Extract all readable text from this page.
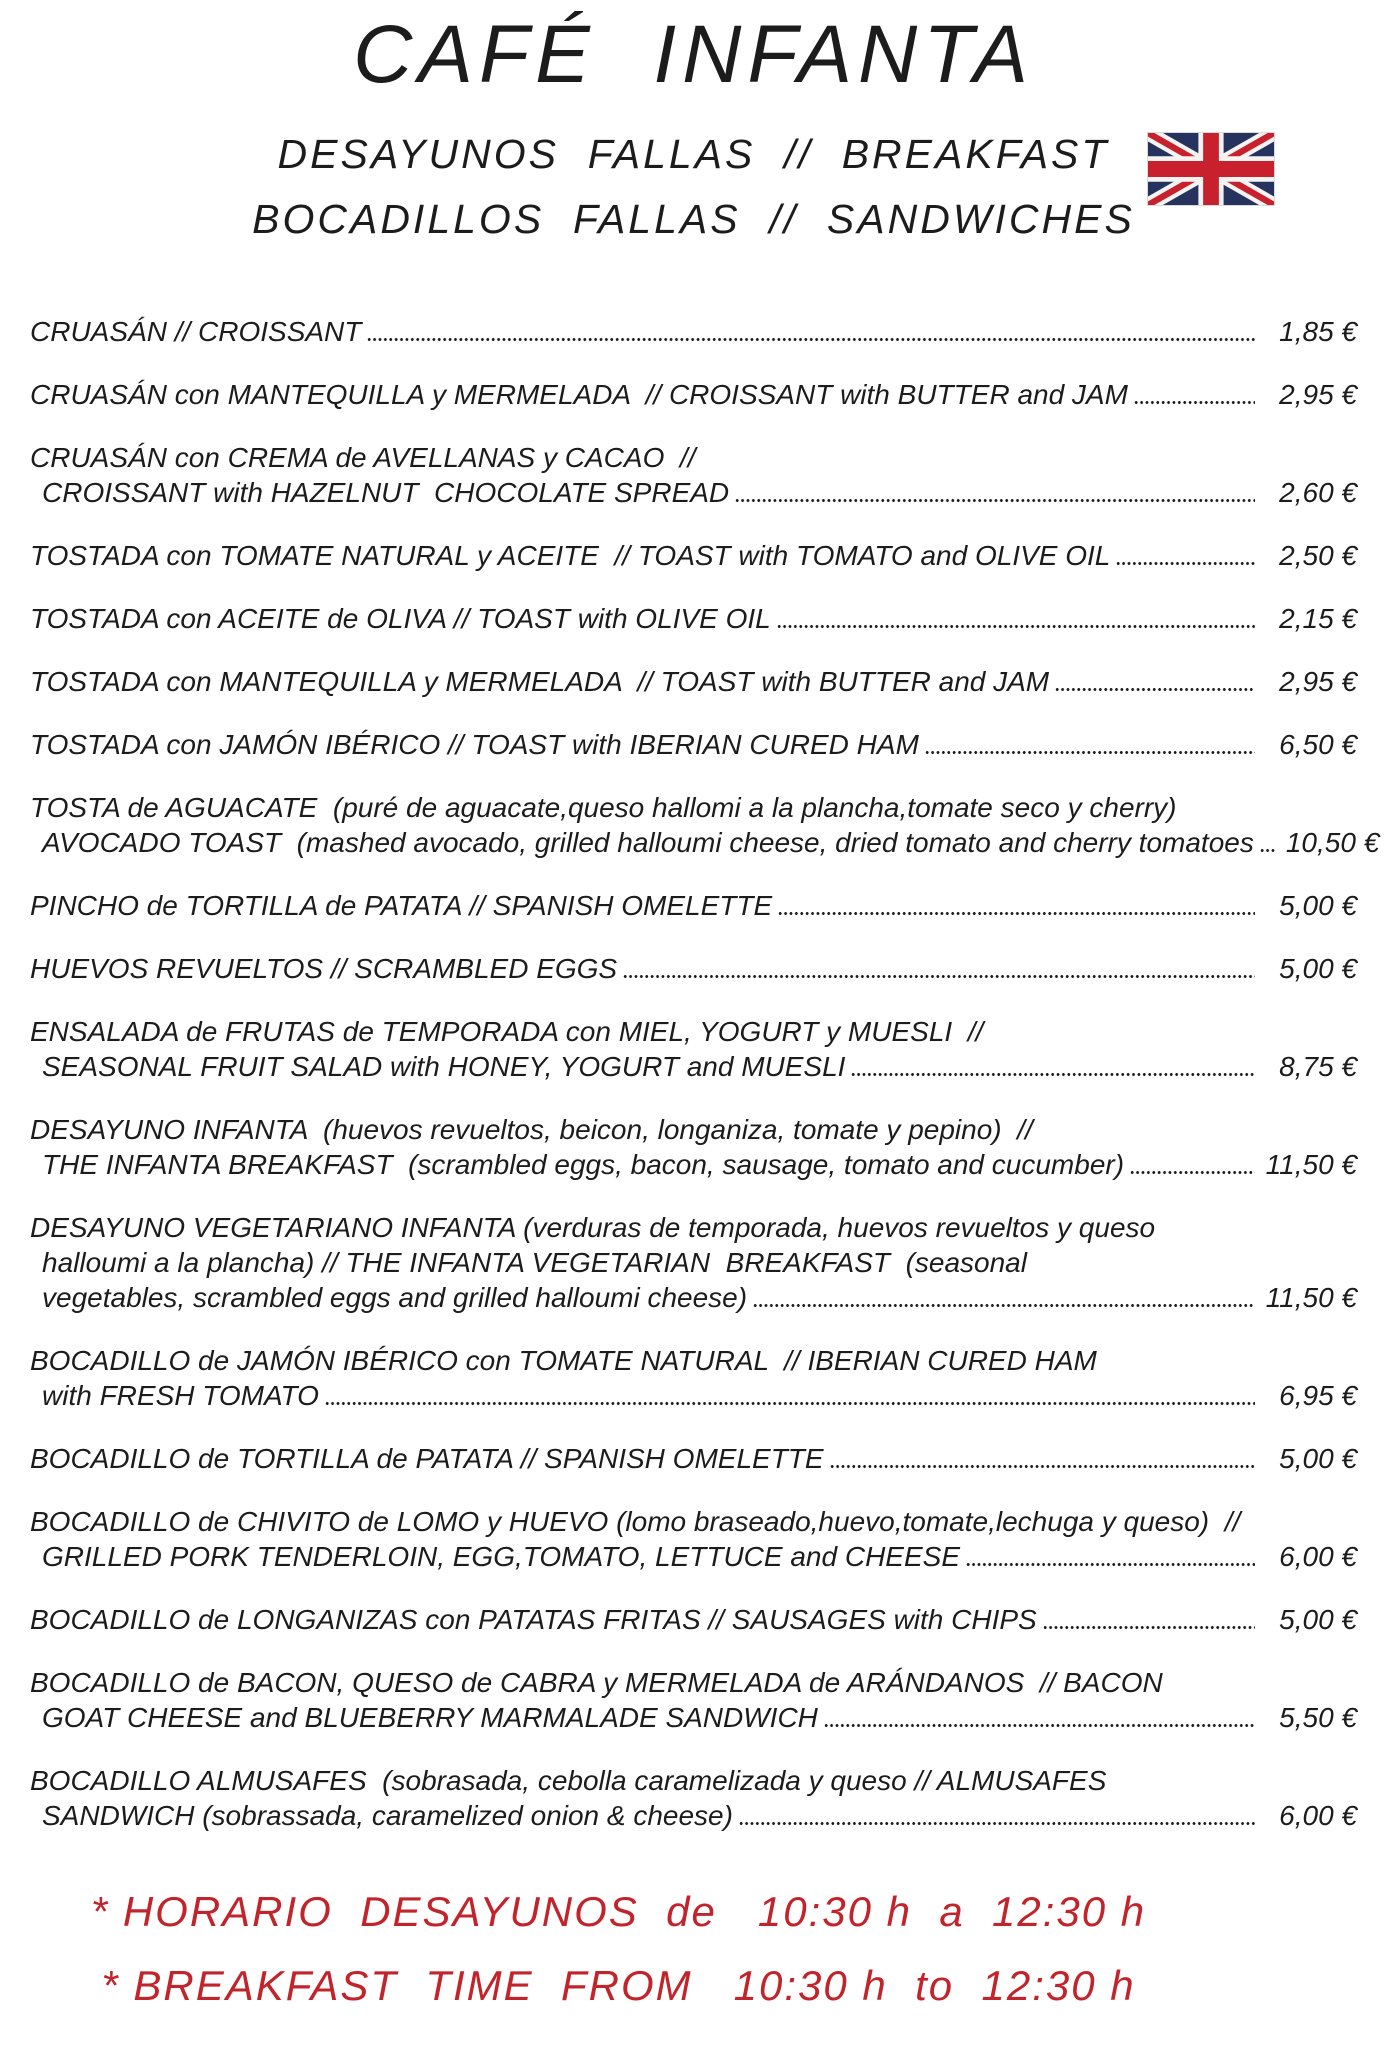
CAFÉ  INFANTA
DESAYUNOS  FALLAS  //  BREAKFAST
BOCADILLOS  FALLAS  //  SANDWICHES
CRUASÁN // CROISSANT	1,85 €
CRUASÁN con MANTEQUILLA y MERMELADA  // CROISSANT with BUTTER and JAM	2,95 €
CRUASÁN con CREMA de AVELLANAS y CACAO  //
CROISSANT with HAZELNUT  CHOCOLATE SPREAD	2,60 €
TOSTADA con TOMATE NATURAL y ACEITE  // TOAST with TOMATO and OLIVE OIL	2,50 €
TOSTADA con ACEITE de OLIVA // TOAST with OLIVE OIL	2,15 €
TOSTADA con MANTEQUILLA y MERMELADA  // TOAST with BUTTER and JAM	2,95 €
TOSTADA con JAMÓN IBÉRICO // TOAST with IBERIAN CURED HAM	6,50 €
TOSTA de AGUACATE  (puré de aguacate,queso hallomi a la plancha,tomate seco y cherry)
AVOCADO TOAST  (mashed avocado, grilled halloumi cheese, dried tomato and cherry tomatoes 10,50 €
PINCHO de TORTILLA de PATATA // SPANISH OMELETTE	5,00 €
HUEVOS REVUELTOS // SCRAMBLED EGGS	5,00 €
ENSALADA de FRUTAS de TEMPORADA con MIEL, YOGURT y MUESLI  //
SEASONAL FRUIT SALAD with HONEY, YOGURT and MUESLI	8,75 €
DESAYUNO INFANTA  (huevos revueltos, beicon, longaniza, tomate y pepino)  //
THE INFANTA BREAKFAST  (scrambled eggs, bacon, sausage, tomato and cucumber)	11,50 €
DESAYUNO VEGETARIANO INFANTA (verduras de temporada, huevos revueltos y queso
halloumi a la plancha) // THE INFANTA VEGETARIAN  BREAKFAST  (seasonal
vegetables, scrambled eggs and grilled halloumi cheese)	11,50 €
BOCADILLO de JAMÓN IBÉRICO con TOMATE NATURAL  // IBERIAN CURED HAM
with FRESH TOMATO	6,95 €
BOCADILLO de TORTILLA de PATATA // SPANISH OMELETTE	5,00 €
BOCADILLO de CHIVITO de LOMO y HUEVO (lomo braseado,huevo,tomate,lechuga y queso)  //
GRILLED PORK TENDERLOIN, EGG,TOMATO, LETTUCE and CHEESE	6,00 €
BOCADILLO de LONGANIZAS con PATATAS FRITAS // SAUSAGES with CHIPS	5,00 €
BOCADILLO de BACON, QUESO de CABRA y MERMELADA de ARÁNDANOS  // BACON
GOAT CHEESE and BLUEBERRY MARMALADE SANDWICH	5,50 €
BOCADILLO ALMUSAFES  (sobrasada, cebolla caramelizada y queso // ALMUSAFES
SANDWICH (sobrassada, caramelized onion & cheese)	6,00 €
* HORARIO  DESAYUNOS  de   10:30 h  a  12:30 h
* BREAKFAST  TIME  FROM   10:30 h  to  12:30 h
